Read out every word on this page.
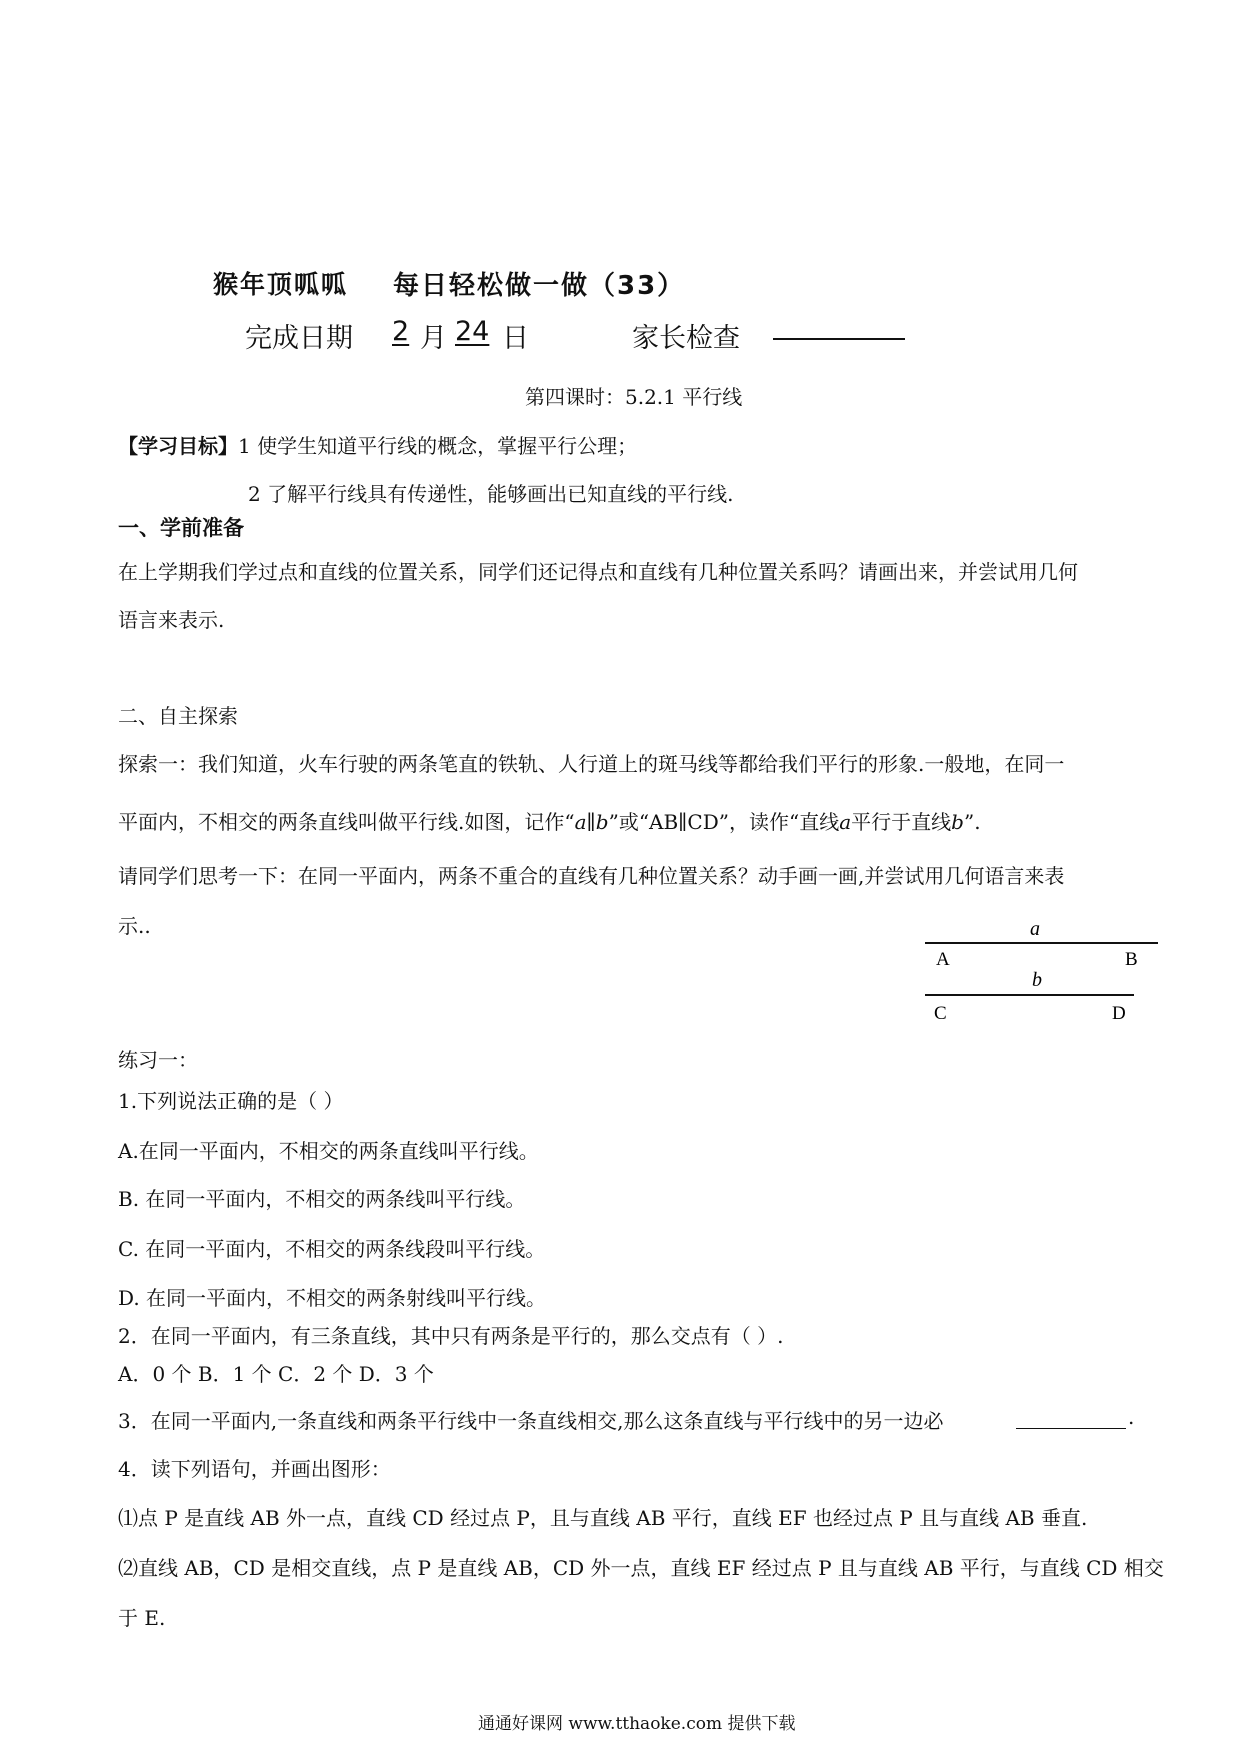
猴年顶呱呱 每日轻松做一做（33）
完成日期 2 月 24 日	家长检查
第四课时：5.2.1 平行线
【学习目标】1 使学生知道平行线的概念，掌握平行公理；
2 了解平行线具有传递性，能够画出已知直线的平行线.
一、学前准备
在上学期我们学过点和直线的位置关系，同学们还记得点和直线有几种位置关系吗？请画出来，并尝试用几何
语言来表示.
二、自主探索
探索一：我们知道，火车行驶的两条笔直的铁轨、人行道上的斑马线等都给我们平行的形象.一般地，在同一
平面内，不相交的两条直线叫做平行线.如图，记作“a∥b”或“AB∥CD”，读作“直线a平行于直线b”.
请同学们思考一下：在同一平面内，两条不重合的直线有几种位置关系？动手画一画,并尝试用几何语言来表
示..	a
b
A	B
C	D
练习一：
1.下列说法正确的是（ ）
A.在同一平面内，不相交的两条直线叫平行线。
B. 在同一平面内，不相交的两条线叫平行线。
C. 在同一平面内，不相交的两条线段叫平行线。
D. 在同一平面内，不相交的两条射线叫平行线。
2．在同一平面内，有三条直线，其中只有两条是平行的，那么交点有（ ）.
A．0 个 B．1 个 C．2 个 D．3 个
3．在同一平面内,一条直线和两条平行线中一条直线相交,那么这条直线与平行线中的另一边必	.
4．读下列语句，并画出图形：
⑴点 P 是直线 AB 外一点，直线 CD 经过点 P，且与直线 AB 平行，直线 EF 也经过点 P 且与直线 AB 垂直.
⑵直线 AB，CD 是相交直线，点 P 是直线 AB，CD 外一点，直线 EF 经过点 P 且与直线 AB 平行，与直线 CD 相交
于 E.
通通好课网 www.tthaoke.com 提供下载
